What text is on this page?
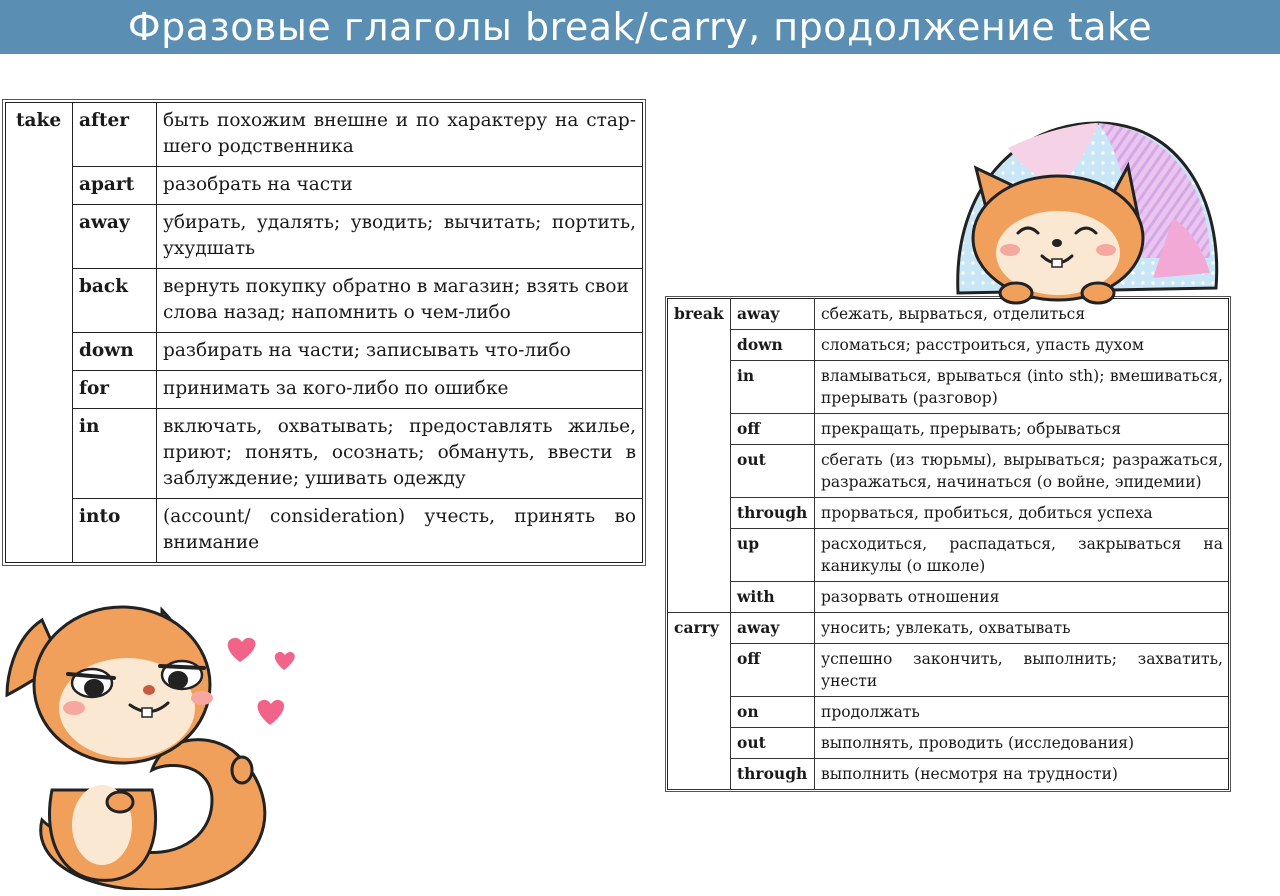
Фразовые глаголы break/carry, продолжение take
take	after	быть похожим внешне и по характеру на стар-шего родственника
	apart	разобрать на части
	away	убирать, удалять; уводить; вычитать; портить, ухудшать
	back	вернуть покупку обратно в магазин; взять свои слова назад; напомнить о чем-либо
	down	разбирать на части; записывать что-либо
	for	принимать за кого-либо по ошибке
	in	включать, охватывать; предоставлять жилье, приют; понять, осознать; обмануть, ввести в заблуждение; ушивать одежду
	into	(account/ consideration) учесть, принять во внимание
break	away	сбежать, вырваться, отделиться
	down	сломаться; расстроиться, упасть духом
	in	вламываться, врываться (into sth); вмешиваться, прерывать (разговор)
	off	прекращать, прерывать; обрываться
	out	сбегать (из тюрьмы), вырываться; разражаться, разражаться, начинаться (о войне, эпидемии)
	through	прорваться, пробиться, добиться успеха
	up	расходиться, распадаться, закрываться на каникулы (о школе)
	with	разорвать отношения
carry	away	уносить; увлекать, охватывать
	off	успешно закончить, выполнить; захватить, унести
	on	продолжать
	out	выполнять, проводить (исследования)
	through	выполнить (несмотря на трудности)
